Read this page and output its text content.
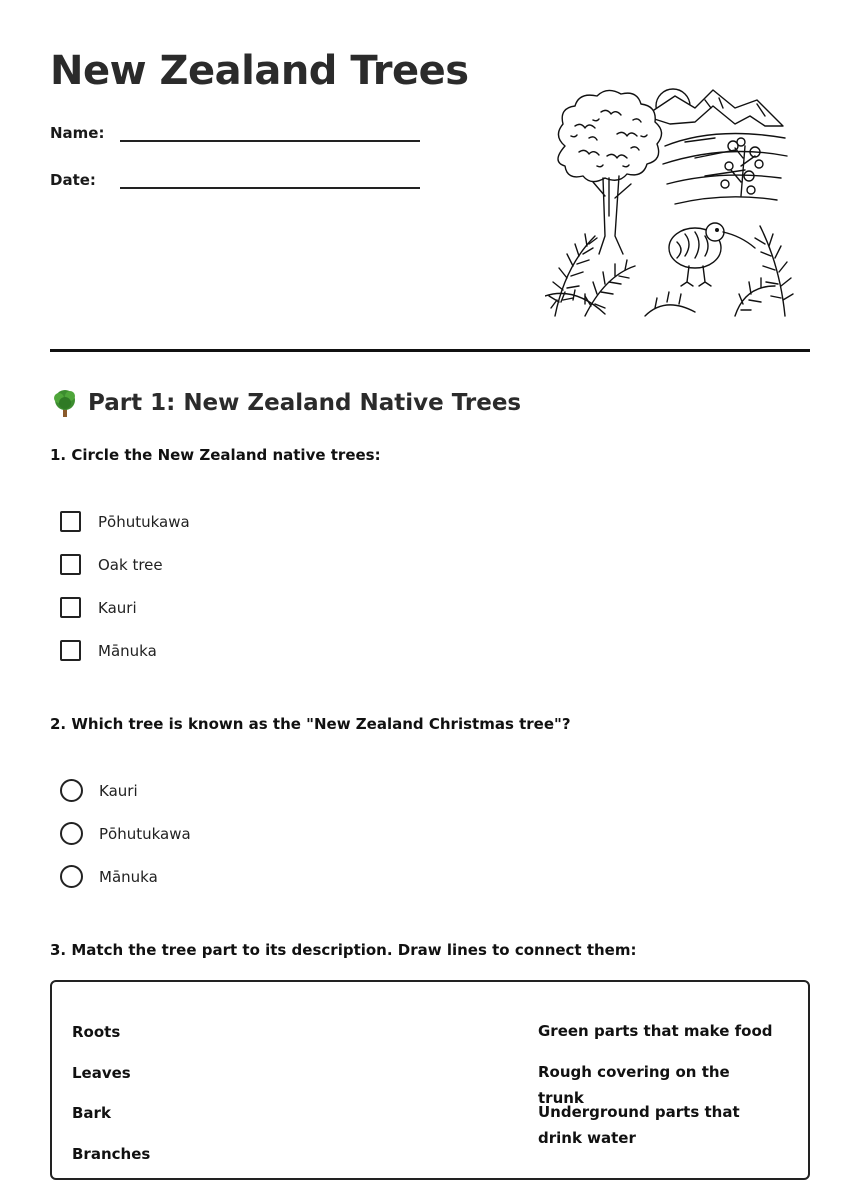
New Zealand Trees
Name:
Date:
Part 1: New Zealand Native Trees

1. Circle the New Zealand native trees:

Pōhutukawa
Oak tree
Kauri
Mānuka

2. Which tree is known as the "New Zealand Christmas tree"?

Kauri
Pōhutukawa
Mānuka

3. Match the tree part to its description. Draw lines to connect them:

Roots
Leaves
Bark
Branches
Green parts that make food
Rough covering on the trunk
Underground parts that drink water
